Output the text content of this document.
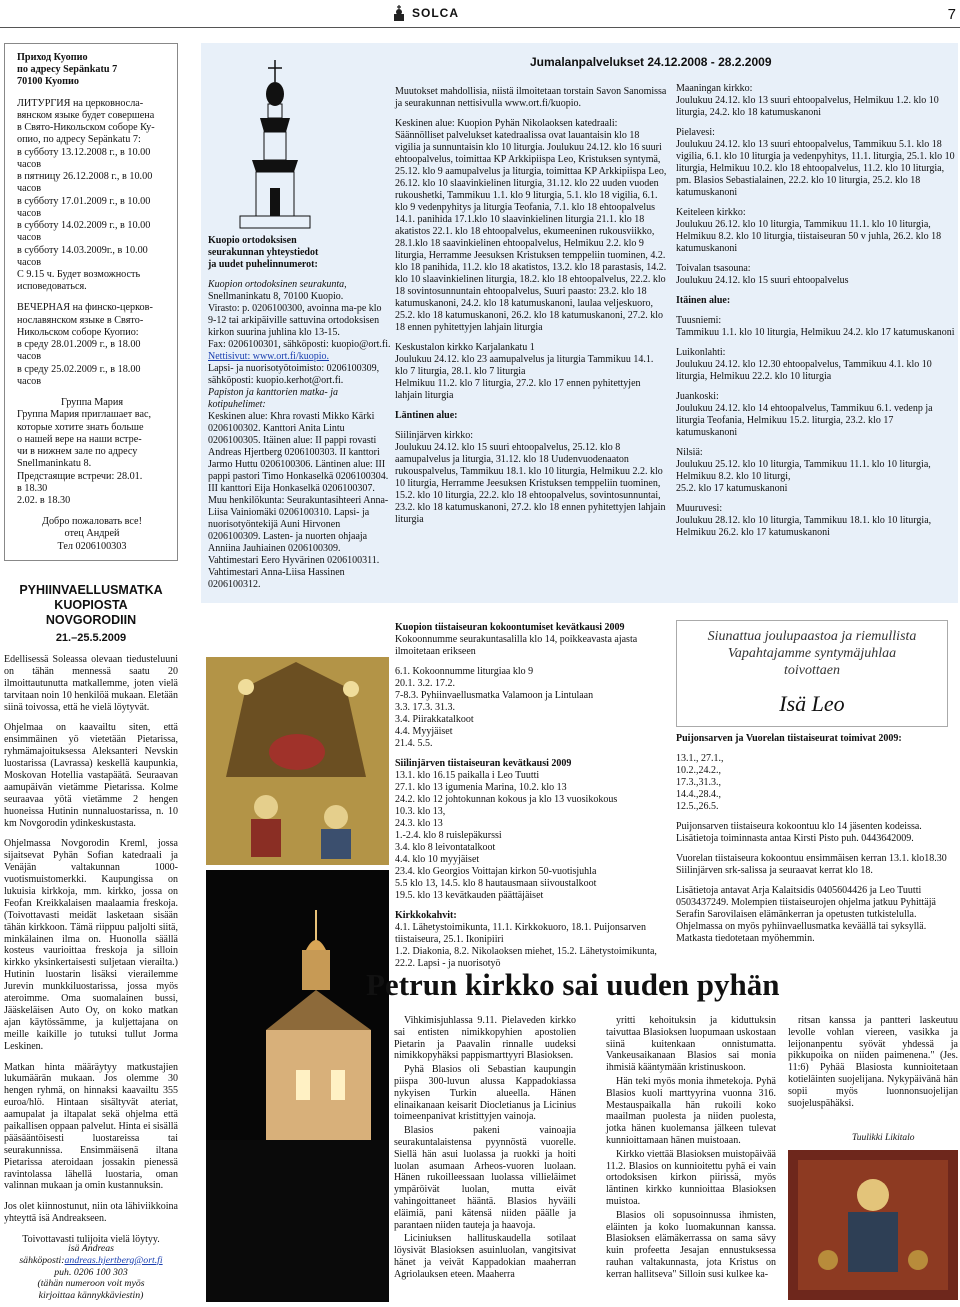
SOLCA	7

Приход Куопио
по адресу Sepänkatu 7
70100 Куопио

ЛИТУРГИЯ на церковносла-
вянском языке будет совершена
в Свято-Никольском соборе Ку-
опио, по адресу Sepänkatu 7:
в субботу 13.12.2008 г., в 10.00
часов
в пятницу 26.12.2008 г., в 10.00
часов
в субботу 17.01.2009 г., в 10.00
часов
в субботу 14.02.2009 г., в 10.00
часов
в субботу 14.03.2009г., в 10.00
часов
С 9.15 ч. Будет возможность
исповедоваться.

ВЕЧЕРНАЯ на финско-церков-
нославянском языке в Свято-
Никольском соборе Куопио:
в среду 28.01.2009 г., в 18.00
часов
в среду 25.02.2009 г., в 18.00
часов

Группа Мария

Группа Мария приглашает вас,
которые хотите знать больше
о нашей вере на наши встре-
чи в нижнем зале по адресу
Snellmaninkatu 8.
Предстаящие встречи: 28.01.
в 18.30
2.02. в 18.30

Добро пожаловать все!
отец Андрей
Тел 0206100303

PYHIINVAELLUSMATKA
KUOPIOSTA
NOVGORODIIN
21.–25.5.2009

Edellisessä Soleassa olevaan tiedusteluuni on tähän mennessä saatu 20 ilmoittautunutta matkallemme, joten vielä tarvitaan noin 10 henkilöä mukaan. Eletään siinä toivossa, että he vielä löytyvät.

Ohjelmaa on kaavailtu siten, että ensimmäinen yö vietetään Pietarissa, ryhmämajoituksessa Aleksanteri Nevskin luostarissa (Lavrassa) keskellä kaupunkia, Moskovan Hotellia vastapäätä. Seuraavan aamupäivän vietämme Pietarissa. Kolme seuraavaa yötä vietämme 2 hengen huoneissa Hutinin nunnaluostarissa, n. 10 km Novgorodin ydinkeskustasta.

Ohjelmassa Novgorodin Kreml, jossa sijaitsevat Pyhän Sofian katedraali ja Venäjän valtakunnan 1000-vuotismuistomerkki. Kaupungissa on lukuisia kirkkoja, mm. kirkko, jossa on Feofan Kreikkalaisen maalaamia freskoja. (Toivottavasti meidät lasketaan sisään tähän kirkkoon. Tämä riippuu paljolti siitä, minkälainen ilma on. Huonolla säällä kosteus vaurioittaa freskoja ja silloin kirkko yksinkertaisesti suljetaan vierailta.) Hutinin luostarin lisäksi vierailemme Jurevin munkkiluostarissa, jossa myös ateroimme. Oma suomalainen bussi, Jääskeläisen Auto Oy, on koko matkan ajan käytössämme, ja kuljettajana on meille kaikille jo tutuksi tullut Jorma Leskinen.

Matkan hinta määräytyy matkustajien lukumäärän mukaan. Jos olemme 30 hengen ryhmä, on hinnaksi kaavailtu 355 euroa/hlö. Hintaan sisältyvät ateriat, aamupalat ja iltapalat sekä ohjelma että paikallisen oppaan palvelut. Hinta ei sisällä pääsääntöisesti luostareissa tai seurakunnissa. Ensimmäisenä iltana Pietarissa ateroidaan jossakin pienessä ravintolassa lähellä luostaria, oman valinnan mukaan ja omin kustannuksin.

Jos olet kiinnostunut, niin ota lähiviikkoina yhteyttä isä Andreakseen.

Toivottavasti tulijoita vielä löytyy.

isä Andreas
sähköposti:andreas.hjertberg@ort.fi
puh. 0206 100 303
(tähän numeroon voit myös
kirjoittaa kännykkäviestin)
Jumalanpalvelukset 24.12.2008 - 28.2.2009

Kuopio ortodoksisen
seurakunnan yhteystiedot
ja uudet puhelinnumerot:

Kuopion ortodoksinen seurakunta,

Snellmaninkatu 8, 70100 Kuopio.

Virasto: p. 0206100300, avoinna ma-pe klo 9-12 tai arkipäiville sattuvina ortodoksisen kirkon suurina juhlina klo 13-15.

Fax: 0206100301, sähköposti: kuopio@ort.fi.

Nettisivut: www.ort.fi/kuopio.

Lapsi- ja nuorisotyötoimisto: 0206100309, sähköposti: kuopio.kerhot@ort.fi.

Papiston ja kanttorien matka- ja kotipuhelimet:

Keskinen alue: Khra rovasti Mikko Kärki 0206100302. Kanttori Anita Lintu 0206100305. Itäinen alue: II pappi rovasti Andreas Hjertberg 0206100303. II kanttori Jarmo Huttu 0206100306. Läntinen alue: III pappi pastori Timo Honkaselkä 0206100304. III kanttori Eija Honkaselkä 0206100307.

Muu henkilökunta: Seurakuntasihteeri Anna-Liisa Vainiomäki 0206100310. Lapsi- ja nuorisotyöntekijä Auni Hirvonen 0206100309. Lasten- ja nuorten ohjaaja Anniina Jauhiainen 0206100309. Vahtimestari Eero Hyvärinen 0206100311. Vahtimestari Anna-Liisa Hassinen 0206100312.

Muutokset mahdollisia, niistä ilmoitetaan torstain Savon Sanomissa ja seurakunnan nettisivulla www.ort.fi/kuopio.

Keskinen alue: Kuopion Pyhän Nikolaoksen katedraali: Säännölliset palvelukset katedraalissa ovat lauantaisin klo 18 vigilia ja sunnuntaisin klo 10 liturgia. Joulukuu 24.12. klo 16 suuri ehtoopalvelus, toimittaa KP Arkkipiispa Leo, Kristuksen syntymä, 25.12. klo 9 aamupalvelus ja liturgia, toimittaa KP Arkkipiispa Leo, 26.12. klo 10 slaavinkielinen liturgia, 31.12. klo 22 uuden vuoden rukoushetki, Tammikuu 1.1. klo 9 liturgia, 5.1. klo 18 vigilia, 6.1. klo 9 vedenpyhitys ja liturgia Teofania, 7.1. klo 18 ehtoopalvelus 14.1. panihida 17.1.klo 10 slaavinkielinen liturgia 21.1. klo 18 akatistos 22.1. klo 18 ehtoopalvelus, ekumeeninen rukousviikko, 28.1.klo 18 saavinkielinen ehtoopalvelus, Helmikuu 2.2. klo 9 liturgia, Herramme Jeesuksen Kristuksen temppeliin tuominen, 4.2. klo 18 panihida, 11.2. klo 18 akatistos, 13.2. klo 18 parastasis, 14.2. klo 10 slaavinkielinen liturgia, 18.2. klo 18 ehtoopalvelus, 22.2. klo 18 sovintosunnuntain ehtoopalvelus, Suuri paasto: 23.2. klo 18 katumuskanoni, 24.2. klo 18 katumuskanoni, laulaa veljeskuoro, 25.2. klo 18 katumuskanoni, 26.2. klo 18 katumuskanoni, 27.2. klo 18 ennen pyhitettyjen lahjain liturgia

Keskustalon kirkko Karjalankatu 1
Joulukuu 24.12. klo 23 aamupalvelus ja liturgia Tammikuu 14.1. klo 7 liturgia, 28.1. klo 7 liturgia
Helmikuu 11.2. klo 7 liturgia, 27.2. klo 17 ennen pyhitettyjen lahjain liturgia

Läntinen alue:

Siilinjärven kirkko:
Joulukuu 24.12. klo 15 suuri ehtoopalvelus, 25.12. klo 8 aamupalvelus ja liturgia, 31.12. klo 18 Uudenvuodenaaton rukouspalvelus, Tammikuu 18.1. klo 10 liturgia, Helmikuu 2.2. klo 10 liturgia, Herramme Jeesuksen Kristuksen temppeliin tuominen, 15.2. klo 10 liturgia, 22.2. klo 18 ehtoopalvelus, sovintosunnuntai, 23.2. klo 18 katumuskanoni, 27.2. klo 18 ennen pyhitettyjen lahjain liturgia

Maaningan kirkko:
Joulukuu 24.12. klo 13 suuri ehtoopalvelus, Helmikuu 1.2. klo 10 liturgia, 24.2. klo 18 katumuskanoni

Pielavesi:
Joulukuu 24.12. klo 13 suuri ehtoopalvelus, Tammikuu 5.1. klo 18 vigilia, 6.1. klo 10 liturgia ja vedenpyhitys, 11.1. liturgia, 25.1. klo 10 liturgia, Helmikuu 10.2. klo 18 ehtoopalvelus, 11.2. klo 10 liturgia, pm. Blasios Sebastialainen, 22.2. klo 10 liturgia, 25.2. klo 18 katumuskanoni

Keiteleen kirkko:
Joulukuu 26.12. klo 10 liturgia, Tammikuu 11.1. klo 10 liturgia, Helmikuu 8.2. klo 10 liturgia, tiistaiseuran 50 v juhla, 26.2. klo 18 katumuskanoni

Toivalan tsasouna:
Joulukuu 24.12. klo 15 suuri ehtoopalvelus

Itäinen alue:

Tuusniemi:
Tammikuu 1.1. klo 10 liturgia, Helmikuu 24.2. klo 17 katumuskanoni

Luikonlahti:
Joulukuu 24.12. klo 12.30 ehtoopalvelus, Tammikuu 4.1. klo 10 liturgia, Helmikuu 22.2. klo 10 liturgia

Juankoski:
Joulukuu 24.12. klo 14 ehtoopalvelus, Tammikuu 6.1. vedenp ja liturgia Teofania, Helmikuu 15.2. liturgia, 23.2. klo 17 katumuskanoni

Nilsiä:
Joulukuu 25.12. klo 10 liturgia, Tammikuu 11.1. klo 10 liturgia, Helmikuu 8.2. klo 10 liturgi,
25.2. klo 17 katumuskanoni

Muuruvesi:
Joulukuu 28.12. klo 10 liturgia, Tammikuu 18.1. klo 10 liturgia, Helmikuu 26.2. klo 17 katumuskanoni

Kuopion tiistaiseuran kokoontumiset kevätkausi 2009

Kokoonnumme seurakuntasalilla klo 14, poikkeavasta ajasta ilmoitetaan erikseen

6.1. Kokoonnumme liturgiaa klo 9
20.1. 3.2. 17.2.
7-8.3. Pyhiinvaellusmatka Valamoon ja Lintulaan
3.3. 17.3. 31.3.
3.4. Piirakkatalkoot
4.4. Myyjäiset
21.4. 5.5.

Siilinjärven tiistaiseuran kevätkausi 2009

13.1. klo 16.15 paikalla i Leo Tuutti
27.1. klo 13 igumenia Marina, 10.2. klo 13
24.2. klo 12 johtokunnan kokous ja klo 13 vuosikokous
10.3. klo 13,
24.3. klo 13
1.-2.4. klo 8 ruislepäkurssi
3.4. klo 8 leivontatalkoot
4.4. klo 10 myyjäiset
23.4. klo Georgios Voittajan kirkon 50-vuotisjuhla
5.5 klo 13, 14.5. klo 8 hautausmaan siivoustalkoot
19.5. klo 13 kevätkauden päättäjäiset

Kirkkokahvit:

4.1. Lähetystoimikunta, 11.1. Kirkkokuoro, 18.1. Puijonsarven tiistaiseura, 25.1. Ikonipiiri
1.2. Diakonia, 8.2. Nikolaoksen miehet, 15.2. Lähetystoimikunta, 22.2. Lapsi - ja nuorisotyö

Siunattua joulupaastoa ja riemullista
Vapahtajamme syntymäjuhlaa
toivottaen
Isä Leo

Puijonsarven ja Vuorelan tiistaiseurat toimivat 2009:

13.1., 27.1.,
10.2.,24.2.,
17.3.,31.3.,
14.4.,28.4.,
12.5.,26.5.

Puijonsarven tiistaiseura kokoontuu klo 14 jäsenten kodeissa. Lisätietoja toiminnasta antaa Kirsti Pisto puh. 0443642009.

Vuorelan tiistaiseura kokoontuu ensimmäisen kerran 13.1. klo18.30 Siilinjärven srk-salissa ja seuraavat kerrat klo 18.

Lisätietoja antavat Arja Kalaitsidis 0405604426 ja Leo Tuutti 0503437249. Molempien tiistaiseurojen ohjelma jatkuu Pyhittäjä Serafin Sarovilaisen elämänkerran ja opetusten tutkistelulla. Ohjelmassa on myös pyhiinvaellusmatka keväällä tai syksyllä. Matkasta tiedotetaan myöhemmin.

Petrun kirkko sai uuden pyhän

Vihkimisjuhlassa 9.11. Pielaveden kirkko sai entisten nimikkopyhien apostolien Pietarin ja Paavalin rinnalle uudeksi nimikkopyhäksi pappismarttyyri Blasioksen.

Pyhä Blasios oli Sebastian kaupungin piispa 300-luvun alussa Kappadokiassa nykyisen Turkin alueella. Hänen elinaikanaan keisarit Diocletianus ja Licinius toimeenpanivat kristittyjen vainoja.

Blasios pakeni vainoajia seurakuntalaistensa pyynnöstä vuorelle. Siellä hän asui luolassa ja ruokki ja hoiti luolan asumaan Arheos-vuoren luolaan. Hänen rukoilleessaan luolassa villieläimet ympäröivät luolan, mutta eivät vahingoittaneet hääntä. Blasios hyväili eläimiä, pani kätensä niiden päälle ja parantaen niiden tauteja ja haavoja.

Liciniuksen hallituskaudella sotilaat löysivät Blasioksen asuinluolan, vangitsivat hänet ja veivät Kappadokian maaherran Agriolauksen eteen. Maaherra

yritti kehoituksin ja kiduttuksin taivuttaa Blasioksen luopumaan uskostaan siinä kuitenkaan onnistumatta. Vankeusaikanaan Blasios sai monia ihmisiä kääntymään kristinuskoon.

Hän teki myös monia ihmetekoja. Pyhä Blasios kuoli marttyyrina vuonna 316. Mestauspaikalla hän rukoili koko maailman puolesta ja niiden puolesta, jotka hänen kuolemansa jälkeen tulevat kunnioittamaan hänen muistoaan.

Kirkko viettää Blasioksen muistopäivää 11.2. Blasios on kunnioitettu pyhä ei vain ortodoksisen kirkon piirissä, myös läntinen kirkko kunnioittaa Blasioksen muistoa.

Blasios oli sopusoinnussa ihmisten, eläinten ja koko luomakunnan kanssa. Blasioksen elämäkerrassa on sama sävy kuin profeetta Jesajan ennustuksessa rauhan valtakunnasta, jota Kristus on kerran hallitseva" Silloin susi kulkee ka-

ritsan kanssa ja pantteri laskeutuu levolle vohlan viereen, vasikka ja leijonanpentu syövät yhdessä ja pikkupoika on niiden paimenena." (Jes. 11:6) Pyhää Blasiosta kunnioitetaan kotieläinten suojelijana. Nykypäivänä hän sopii myös luonnonsuojelijan suojeluspähäksi.

Tuulikki Likitalo
